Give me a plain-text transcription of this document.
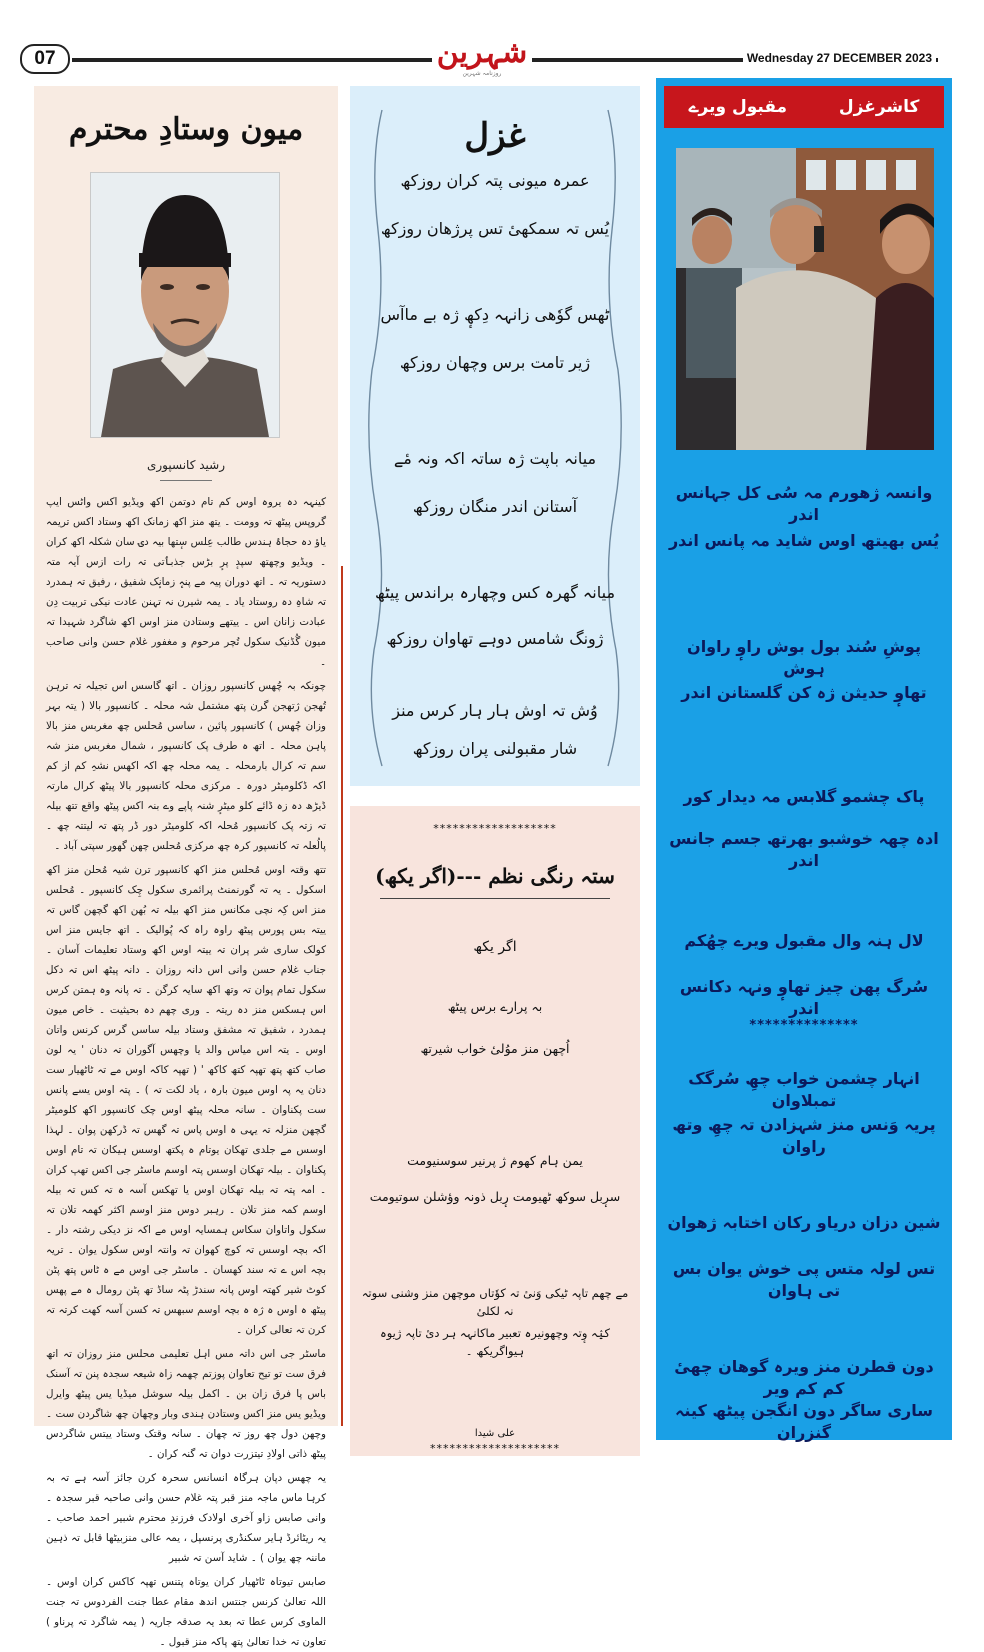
07	شہرین
روزنامہ شہرین
Wednesday 27 DECEMBER 2023
میون وستادِ محترم
رشید کانسپوری

کینہہ دہ یروہ اوس کم تام دوتمن اکھ ویڈیو اکس واٹس ایپ گروپس پیٹھ تہ وومت ۔ یتھ منز اکھ زمانک اکھ وستاد اکس تریمہ یاؤ دہ حجاۂ ہندس طالب عِلس سٕتھا بیہ دۍ سان شکلہ اکھ کران ۔ ویڈیو وچھتھ سپدٕ پرٕ بڑس جذبٲتی تہ رات ازس آیہ متہ دستوریہ تہ ۔ اتھ دوران پیہ مے پنہٕ زمانٕک شفیق ، رفیق تہ ہمدرد تہ شاہِ دہ روستاد یاد ۔ یمہ شیرن نہ تہنن عادت نیکی تربیت دِن عبادت زانان اس ۔ ییتھے وستادن منز اوس اکھ شاگرد شہیدا تہ میون گُڈنیک سکول تُچر مرحوم و مغفور غلام حسن وانی صاحب ۔

چونکہ بہ چُھس کانسپور روزان ۔ اتھ گاسس اس تجیلہ تہ ترہن تُھجن ژتھجن گرن پتھ مشتمل شہ محلہ ۔ کانسپور بالا ( یتہ بہر وزان چُھس ) کانسپور پائین ، ساسں مُحلس چھ مغربس منز بالا پاہن محلہ ۔ اتھ ہ طرف پک کانسپور ، شمال مغربس منز شہ سم تہ کرال بارمحلہ ۔ یمہ محلہ چھ اکہ اکھس نشہِ کم از کم اکہ ڈکلومیٹر دورہ ۔ مرکزی محلہ کانسپور بالا پیٹھ کرال مارتہ ڈیڑھ دہ زہ ڈائے کلو میٹرٕ شنہ پاپے وے بنہ اکس پیٹھ واقع تتھ بیلہ تہ زتہ پک کانسپور مُحلہ اکہ کلومیٹر دور ڈر پتھ تہ لیتتہ چھ ۔ پالُعلہ تہ کانسپور کرہ چھ مرکزی مُحلس چھن گھور سپتی آباد ۔

تتھ وقتہ اوس مُحلس منز اکھ کانسپور ترن شیہ مُحلن منز اکھ اسکول ۔ یہ تہ گورنمنٹ پرائمری سکول چِک کانسپور ۔ مُحلس منز اس کِہ نچی مکانس منز اکھ بیلہ تہ بُھن اکھ گچھن گاس تہ ییتہ بس پورس پیٹھ راوہ راہ کہ پُوالیک ۔ اتھ جایس منز اس کولک ساری شر پران تہ ییتہ اوس اکھ وستاد تعلیمات آسان ۔ جناب غلام حسن وانی اس دانہ روزان ۔ دانہ پیٹھ اس تہ دکل سکول تمام پوان تہ وتھ اکھ سایہ کرگن ۔ تہ پانہ وہ ہمتن کرس اس ہسکس منز دہ ریتہ ۔ وری چھم دہ بحیثیت ۔ خاص میون ہمدرد ، شفیق تہ مشفق وستاد بیلہ ساسں گرس کرنس واتان اوس ۔ یتہ اس میاس والد یا وچھس آگوران تہ دنان ' یہ لون صاب کتھ پتھ تھپہ کتھ کاکھ ' ( تھپہ کاکہ اوس مے تہ ٹاٹھیار ست دنان یہ پہ اوس میون بارہ ، یاد لکت تہ ) ۔ پتہ اوس یسے پانس ست پکناوان ۔ سانہ محلہ پیٹھ اوس چک کانسپور اکھ کلومیٹر گچھن منزلہ تہ یہی ہ اوس پاس تہ گھس تہ ڈرکھن پوان ۔ لہذا اوسس مے جلدی تھکان یوتام ہ پکتھ اوسس ہیکان تہ تام اوس پکناوان ۔ بیلہ تھکان اوسس پتہ اوسم ماسٹر جی اکس تھپ کران ۔ امہ پتہ تہ بیلہ تھکان اوس یا تھکس آسہ ہ تہ کس تہ بیلہ اوسم کمہ منز تلان ۔ رہبر دوس منز اوسم اکثر کھمہ تلان تہ سکول واتاوان سکاس ہمسایہ اوس مے اکہ نز دیکی رشتہ دار ۔ اکہ بچہ اوسس تہ کوچ کھوان تہ وانتہ اوس سکول یوان ۔ تریہ بچہ اس ے تہ سند کھسان ۔ ماسٹر جی اوس مے ہ ٹاس پتھ پٹن کوٹ شیر کھتہ اوس پانہ سندڑ پٹہ ساڈ تھ پٹن رومال ہ مے پھس پیٹھ ہ اوس ہ ژہ ہ بچہ اوسم سبھس تہ کسن آسہ کھت کرتہ تہ کرن تہ تعالی کران ۔

ماسٹر جی اس داتہ مس اہل تعلیمی محلس منز روزان تہ اتھ فرق ست تو تیح تعاوان پوزتم چھمہ زاہ شیعہ سجدہ پنن تہ آسنک باس پا فرق زان بن ۔ اکمل بیلہ سوشل میڈیا یس پیٹھ وایرل ویڈیو یس منز اکس وستادن ہندی وبار وچھان چھ شاگردن ست ۔ وچھن دول چھ روز تہ چھان ۔ سانہ وقتک وستاد ییتس شاگردس پیٹھ ذاتی اولادِ تیتزرت دوان تہ گنہ کران ۔

یہ چھس دپان ہرگاہ انسانس سحرہ کرن جائز آسہ ہے تہ بہ کرہا ماس ماجہ منز قبر پتہ غلام حسن وانی صاحبہ قبر سجدہ ۔ وانی صابس زاو آخری اولادک فرزندِ محترم شبیر احمد صاحب ۔ یہ ریٹائرڈ ہایر سکنڈری پرنسپل ، یمہ عالی منزبیٹھا قابل تہ ذہین ماننہ چھ یوان ) ۔ شاید آسن تہ شبیر

صابس تیوتاہ ٹاٹھیار کران یوتاہ پتنس تھپہ کاکس کران اوس ۔ اللہ تعالیٰ کرنس جنتس اندھ مقام عطا جنت الفردوس تہ جنت الماوی کرس عطا تہ بعد یہ صدقہ جاریہ ( یمہ شاگرد تہ پرناو ) تعاون تہ خدا تعالیٰ پتھ پاکہ منز قبول ۔

غزل
عمرہ میونی پتہ کران روزکھ
یُس تہ سمکھیٔ تس پرژھان روزکھ
ٹھس گوٗھی زانہہ دِکھٕ ژہ بے ماآس
ژیر تامت برس وچھان روزکھ
میانہ باپت ژہ ساتہ اکہ ونہ مٔے
آستانن اندر منگان روزکھ
میانہ گھرہ کس وچھارہ براندس پیٹھ
ژونگ شامس دوہے تھاوان روزکھ
وُش تہ اوش ہار ہار کرس منز
شار مقبولنی پران روزکھ
*******************
ستہ رنگی نظم ---(اگر یکھ)
اگر یکھ
بہ پرارے برس پیٹھ
اُچھن منز موُلیٔ خواب شیرتھ
یمن ہام کھوم ژ پرنیر سوسنیومت
سرٕبل سوکھ ٹھیومت رٕبل ذونہ وؤشلن سوتیومت
مے چھم تاپہ ٹیکی وَنیٔ تہ کوٗتاں موچھن منز وشنی سوتہ نہ لکلیٔ
کیٛہ وٕتہ وچھونیرہ تعبیر ماکانہہ ہر دیٔ تاپہ ژیوہ ہیواگریکھ ۔
علی شیدا
********************
کاشرغزل  مقبول ویرے
وانسہ ژھورم مہ سُی کل جہانس اندر
یُس بھیتھ اوس شاید مہ پانس اندر
پوشِ سُند بول بوش راوٕ راوان ہوش
تھاوٕ حدیثن ژہ کن گلستانن اندر
پاک چشمو گلابس مہ دیدار کور
ادہ چھہ خوشبو بھرتھ جسم جانس اندر
لال ہنہ وال مقبول ویرے چھُکم
سُرگ پھن چیز تھاوٕ ونہہ دکانس اندر
**************
انہار چشمن خواب چھِ سُرگک تمبلاوان
پریہ وَنس منز شہزادن تہ چھِ وتھ راوان
شین دزان دریاو رکان اختابہ ژھوان
تس لولہ متس پی خوش یوان بس تی ہاوان
دون قطرن منز ویرہ گوھان چھیٔ کم کم ویر
ساری ساگر دون انگجن پیٹھ کینہ گنزران
